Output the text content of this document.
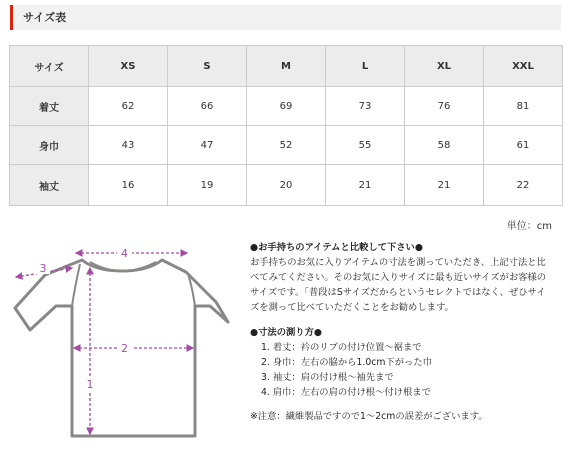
サイズ表
サイズ	XS	S	M	L	XL	XXL
着丈	62	66	69	73	76	81
身巾	43	47	52	55	58	61
袖丈	16	19	20	21	21	22
単位：cm
4
3
2
1

●お手持ちのアイテムと比較して下さい●

お手持ちのお気に入りアイテムの寸法を測っていただき、上記寸法と比べてみてください。そのお気に入りサイズに最も近いサイズがお客様のサイズです。「普段はSサイズだからというセレクトではなく、ぜひサイズを測って比べていただくことをお勧めします。

●寸法の測り方●

1. 着丈：衿のリブの付け位置～裾まで
2. 身巾：左右の脇から1.0cm下がった巾
3. 袖丈：肩の付け根～袖先まで
4. 肩巾：左右の肩の付け根～付け根まで

※注意：繊維製品ですので1～2cmの誤差がございます。
